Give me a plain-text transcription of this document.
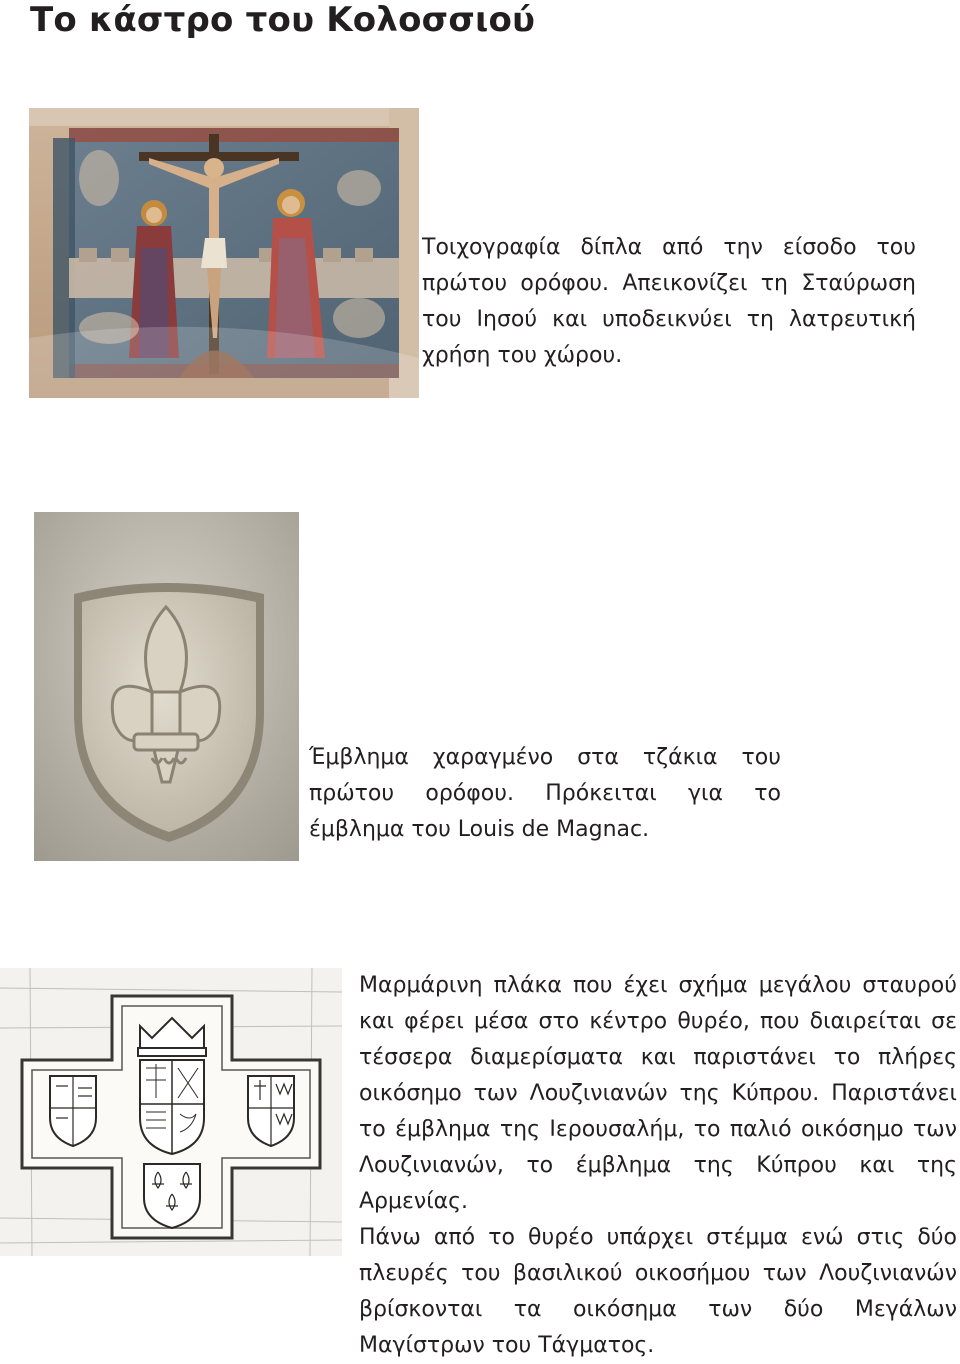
Το κάστρο του Κολοσσιού

Τοιχογραφία δίπλα από την είσοδο του
πρώτου ορόφου. Απεικονίζει τη Σταύρωση
του Ιησού και υποδεικνύει τη λατρευτική
χρήση του χώρου.

Έμβλημα χαραγμένο στα τζάκια του
πρώτου ορόφου. Πρόκειται για το
έμβλημα του Louis de Magnac.

Μαρμάρινη πλάκα που έχει σχήμα μεγάλου σταυρού
και φέρει μέσα στο κέντρο θυρέο, που διαιρείται σε
τέσσερα διαμερίσματα και παριστάνει το πλήρες
οικόσημο των Λουζινιανών της Κύπρου. Παριστάνει
το έμβλημα της Ιερουσαλήμ, το παλιό οικόσημο των
Λουζινιανών, το έμβλημα της Κύπρου και της
Αρμενίας.
Πάνω από το θυρέο υπάρχει στέμμα ενώ στις δύο
πλευρές του βασιλικού οικοσήμου των Λουζινιανών
βρίσκονται τα οικόσημα των δύο Μεγάλων
Μαγίστρων του Τάγματος.
